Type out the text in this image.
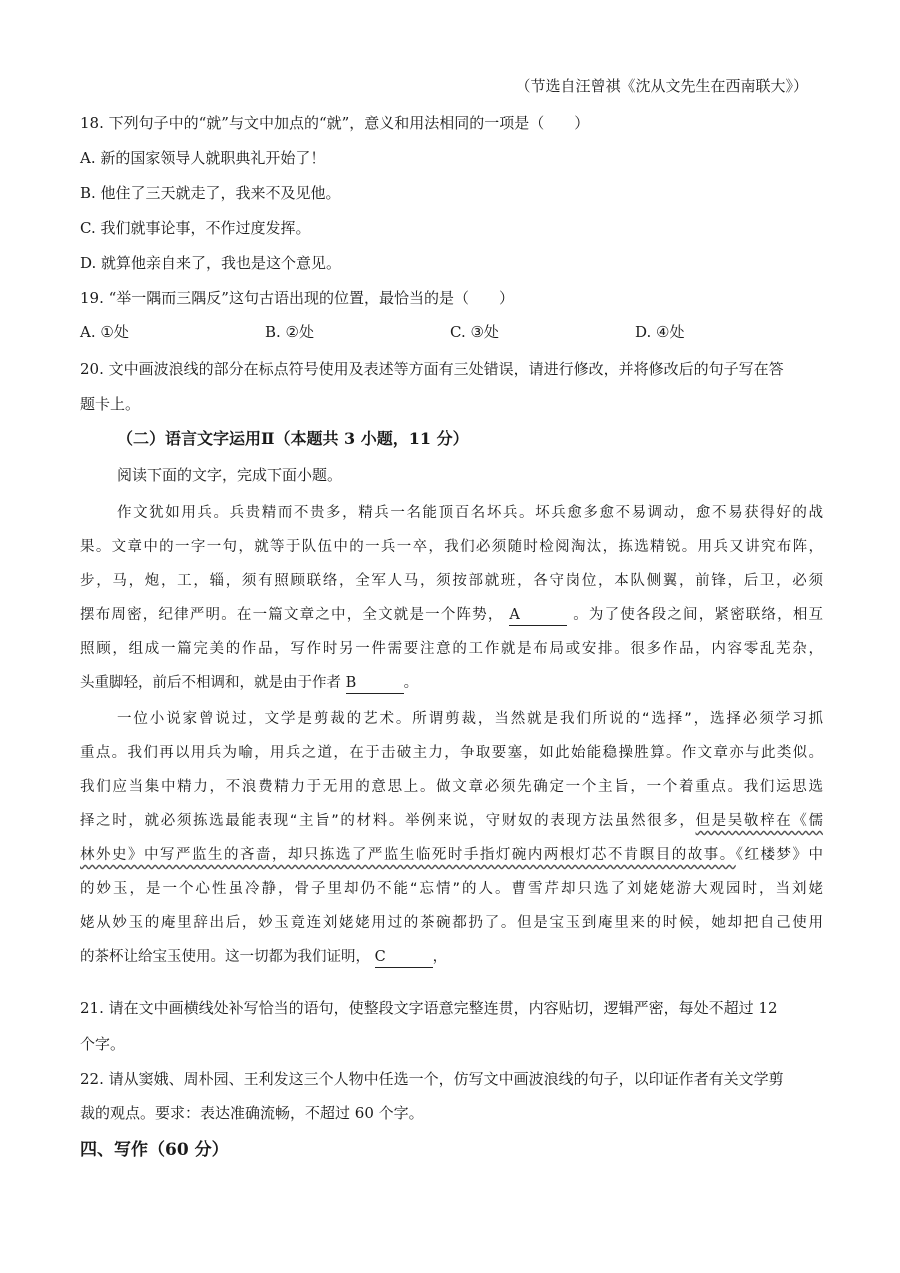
（节选自汪曾祺《沈从文先生在西南联大》）
18. 下列句子中的“就”与文中加点的“就”，意义和用法相同的一项是（　　）
A. 新的国家领导人就职典礼开始了！
B. 他住了三天就走了，我来不及见他。
C. 我们就事论事，不作过度发挥。
D. 就算他亲自来了，我也是这个意见。
19. “举一隅而三隅反”这句古语出现的位置，最恰当的是（　　）
A. ①处	B. ②处	C. ③处	D. ④处
20. 文中画波浪线的部分在标点符号使用及表述等方面有三处错误，请进行修改，并将修改后的句子写在答
题卡上。
（二）语言文字运用Ⅱ（本题共 3 小题，11 分）
阅读下面的文字，完成下面小题。
作文犹如用兵。兵贵精而不贵多，精兵一名能顶百名坏兵。坏兵愈多愈不易调动，愈不易获得好的战
果。文章中的一字一句，就等于队伍中的一兵一卒，我们必须随时检阅淘汰，拣选精锐。用兵又讲究布阵，
步，马，炮，工，辎，须有照顾联络，全军人马，须按部就班，各守岗位，本队侧翼，前锋，后卫，必须
摆布周密，纪律严明。在一篇文章之中，全文就是一个阵势， A	。为了使各段之间，紧密联络，相互
照顾，组成一篇完美的作品，写作时另一件需要注意的工作就是布局或安排。很多作品，内容零乱芜杂，
头重脚轻，前后不相调和，就是由于作者 B	。
一位小说家曾说过，文学是剪裁的艺术。所谓剪裁，当然就是我们所说的“选择”，选择必须学习抓
重点。我们再以用兵为喻，用兵之道，在于击破主力，争取要塞，如此始能稳操胜算。作文章亦与此类似。
我们应当集中精力，不浪费精力于无用的意思上。做文章必须先确定一个主旨，一个着重点。我们运思选
择之时，就必须拣选最能表现“主旨”的材料。举例来说，守财奴的表现方法虽然很多，但是吴敬梓在《儒
林外史》中写严监生的吝啬，却只拣选了严监生临死时手指灯碗内两根灯芯不肯瞑目的故事。《红楼梦》中
的妙玉，是一个心性虽冷静，骨子里却仍不能“忘情”的人。曹雪芹却只选了刘姥姥游大观园时，当刘姥
姥从妙玉的庵里辞出后，妙玉竟连刘姥姥用过的茶碗都扔了。但是宝玉到庵里来的时候，她却把自己使用
的茶杯让给宝玉使用。这一切都为我们证明， C	，
21. 请在文中画横线处补写恰当的语句，使整段文字语意完整连贯，内容贴切，逻辑严密，每处不超过 12
个字。
22. 请从窦娥、周朴园、王利发这三个人物中任选一个，仿写文中画波浪线的句子，以印证作者有关文学剪
裁的观点。要求：表达准确流畅，不超过 60 个字。
四、写作（60 分）
